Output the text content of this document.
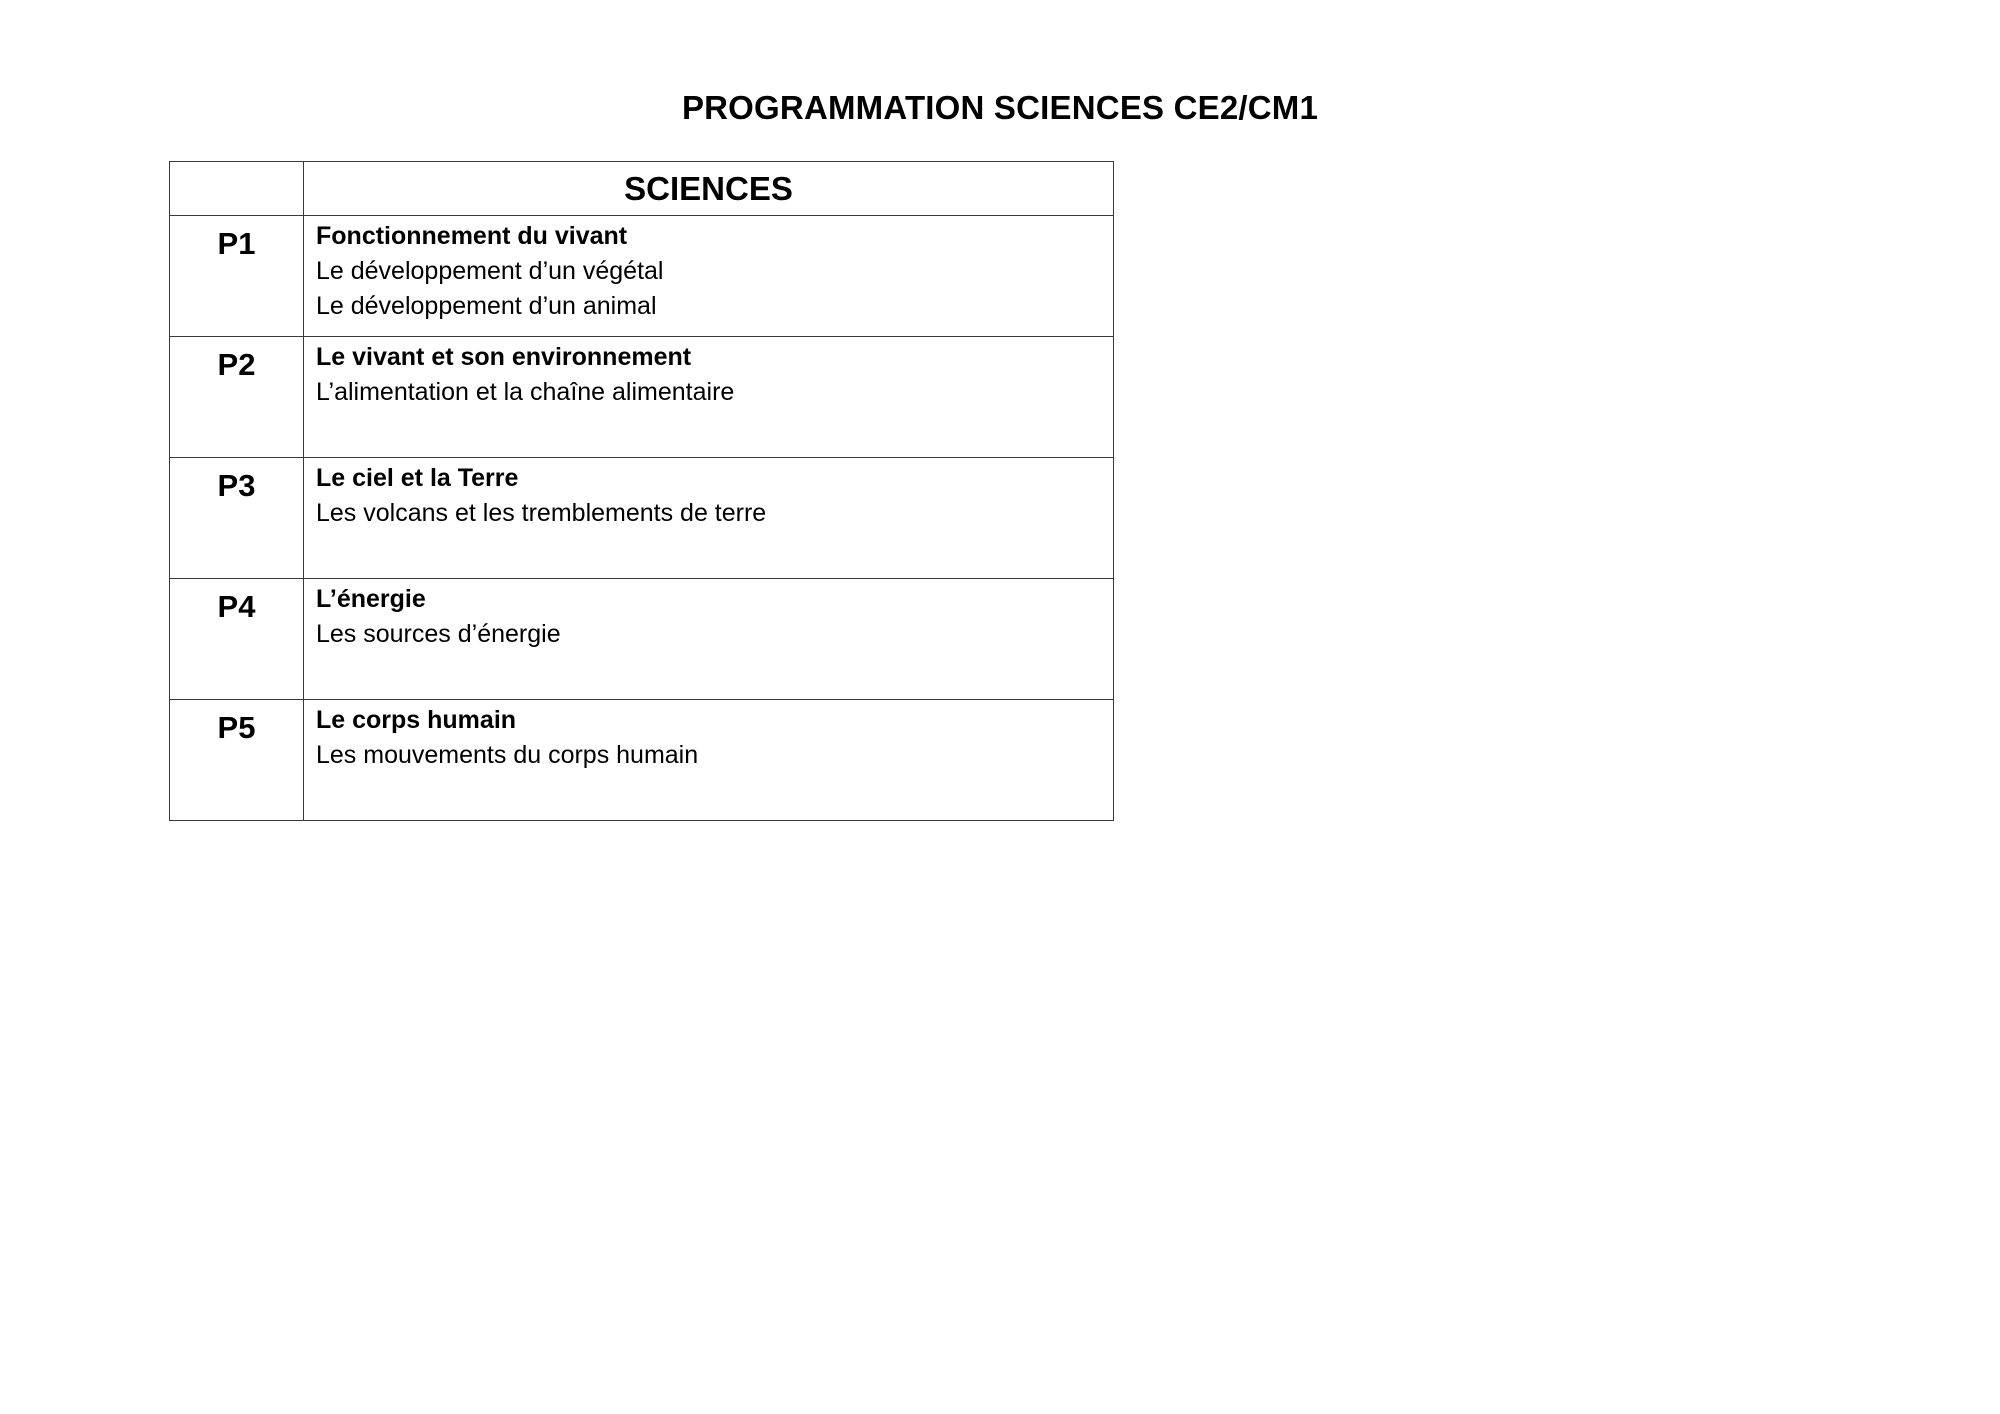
PROGRAMMATION SCIENCES CE2/CM1
	SCIENCES
P1	Fonctionnement du vivant
Le développement d’un végétal
Le développement d’un animal

P2	Le vivant et son environnement
L’alimentation et la chaîne alimentaire

P3	Le ciel et la Terre
Les volcans et les tremblements de terre

P4	L’énergie
Les sources d’énergie

P5	Le corps humain
Les mouvements du corps humain
